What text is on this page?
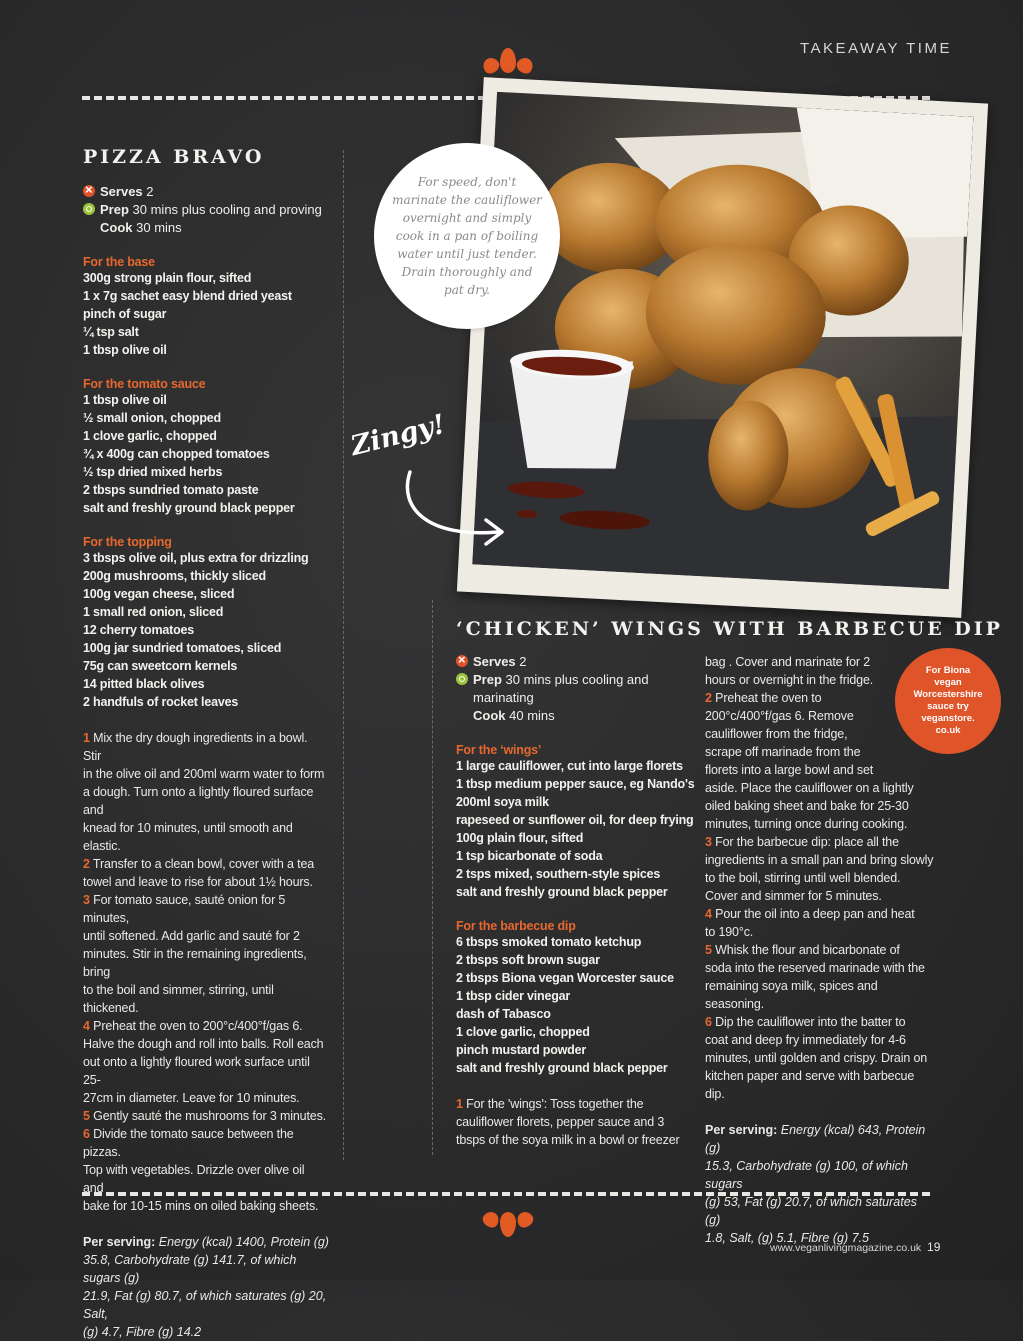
TAKEAWAY TIME
PIZZA BRAVO
×Serves 2
Prep 30 mins plus cooling and proving
Cook 30 mins
For the base
300g strong plain flour, sifted
1 x 7g sachet easy blend dried yeast
pinch of sugar
¼ tsp salt
1 tbsp olive oil
For the tomato sauce
1 tbsp olive oil
½ small onion, chopped
1 clove garlic, chopped
¾ x 400g can chopped tomatoes
½ tsp dried mixed herbs
2 tbsps sundried tomato paste
salt and freshly ground black pepper
For the topping
3 tbsps olive oil, plus extra for drizzling
200g mushrooms, thickly sliced
100g vegan cheese, sliced
1 small red onion, sliced
12 cherry tomatoes
100g jar sundried tomatoes, sliced
75g can sweetcorn kernels
14 pitted black olives
2 handfuls of rocket leaves
1 Mix the dry dough ingredients in a bowl. Stir
in the olive oil and 200ml warm water to form
a dough. Turn onto a lightly floured surface and
knead for 10 minutes, until smooth and elastic.
2 Transfer to a clean bowl, cover with a tea
towel and leave to rise for about 1½ hours.
3 For tomato sauce, sauté onion for 5 minutes,
until softened. Add garlic and sauté for 2
minutes. Stir in the remaining ingredients, bring
to the boil and simmer, stirring, until thickened.
4 Preheat the oven to 200°c/400°f/gas 6.
Halve the dough and roll into balls. Roll each
out onto a lightly floured work surface until 25-
27cm in diameter. Leave for 10 minutes.
5 Gently sauté the mushrooms for 3 minutes.
6 Divide the tomato sauce between the pizzas.
Top with vegetables. Drizzle over olive oil and
bake for 10-15 mins on oiled baking sheets.
Per serving: Energy (kcal) 1400, Protein (g)
35.8, Carbohydrate (g) 141.7, of which sugars (g)
21.9, Fat (g) 80.7, of which saturates (g) 20, Salt,
(g) 4.7, Fibre (g) 14.2

For speed, don't marinate the cauliflower overnight and simply cook in a pan of boiling water until just tender. Drain thoroughly and pat dry.

Zingy!
‘CHICKEN’ WINGS WITH BARBECUE DIP
×Serves 2
Prep 30 mins plus cooling and
marinating
Cook 40 mins
For the ‘wings’
1 large cauliflower, cut into large florets
1 tbsp medium pepper sauce, eg Nando's
200ml soya milk
rapeseed or sunflower oil, for deep frying
100g plain flour, sifted
1 tsp bicarbonate of soda
2 tsps mixed, southern-style spices
salt and freshly ground black pepper
For the barbecue dip
6 tbsps smoked tomato ketchup
2 tbsps soft brown sugar
2 tbsps Biona vegan Worcester sauce
1 tbsp cider vinegar
dash of Tabasco
1 clove garlic, chopped
pinch mustard powder
salt and freshly ground black pepper
1 For the 'wings': Toss together the
cauliflower florets, pepper sauce and 3
tbsps of the soya milk in a bowl or freezer
bag . Cover and marinate for 2
hours or overnight in the fridge.
2 Preheat the oven to
200°c/400°f/gas 6. Remove
cauliflower from the fridge,
scrape off marinade from the
florets into a large bowl and set
aside. Place the cauliflower on a lightly
oiled baking sheet and bake for 25-30
minutes, turning once during cooking.
3 For the barbecue dip: place all the
ingredients in a small pan and bring slowly
to the boil, stirring until well blended.
Cover and simmer for 5 minutes.
4 Pour the oil into a deep pan and heat
to 190°c.
5 Whisk the flour and bicarbonate of
soda into the reserved marinade with the
remaining soya milk, spices and seasoning.
6 Dip the cauliflower into the batter to
coat and deep fry immediately for 4-6
minutes, until golden and crispy. Drain on
kitchen paper and serve with barbecue dip.
Per serving: Energy (kcal) 643, Protein (g)
15.3, Carbohydrate (g) 100, of which sugars
(g) 53, Fat (g) 20.7, of which saturates (g)
1.8, Salt, (g) 5.1, Fibre (g) 7.5

For Biona vegan Worcestershire sauce try veganstore. co.uk

www.veganlivingmagazine.co.uk 19
